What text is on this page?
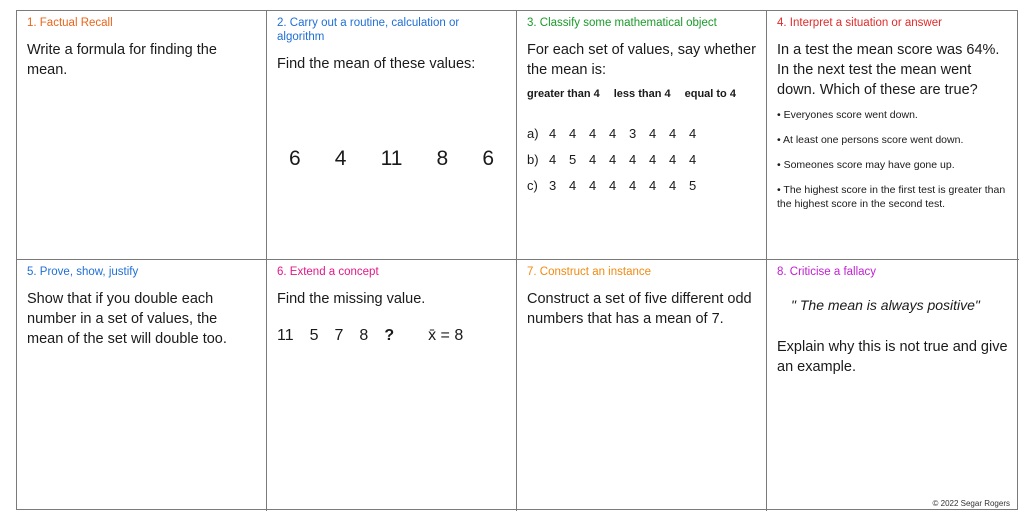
1. Factual Recall

Write a formula for finding the mean.

2. Carry out a routine, calculation or algorithm

Find the mean of these values:

6 4 11 8 6

3. Classify some mathematical object

For each set of values, say whether the mean is:

greater than 4 less than 4 equal to 4
a) 4 4 4 4 3 4 4 4
b) 4 5 4 4 4 4 4 4
c) 3 4 4 4 4 4 4 5

4. Interpret a situation or answer

In a test the mean score was 64%. In the next test the mean went down. Which of these are true?

• Everyones score went down.
• At least one persons score went down.
• Someones score may have gone up.
• The highest score in the first test is greater than the highest score in the second test.

5. Prove, show, justify

Show that if you double each number in a set of values, the mean of the set will double too.

6. Extend a concept

Find the missing value.

11 5 7 8 ? x̄ = 8

7. Construct an instance

Construct a set of five different odd numbers that has a mean of 7.

8. Criticise a fallacy

" The mean is always positive"

Explain why this is not true and give an example.

© 2022 Segar Rogers
